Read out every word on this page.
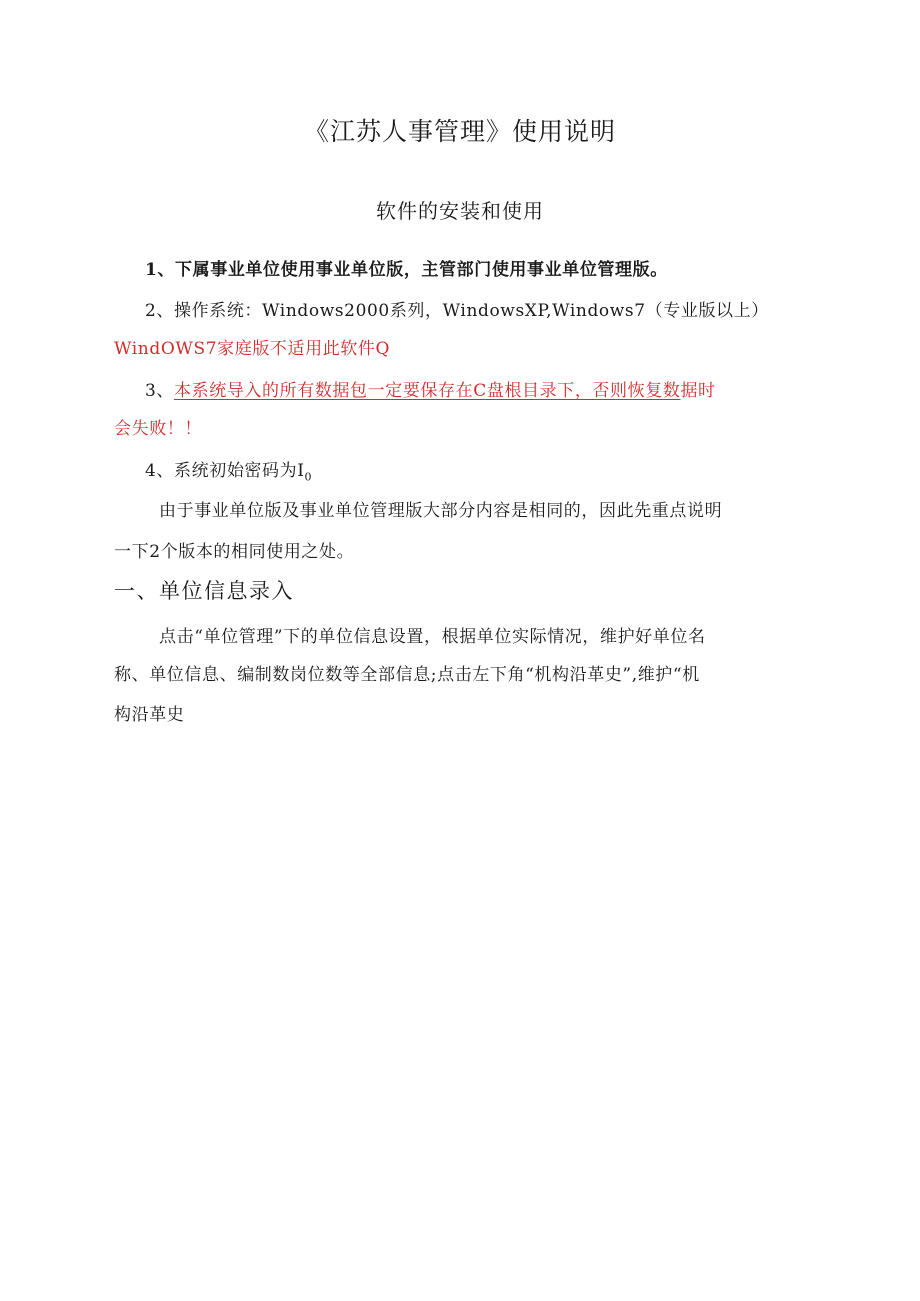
《江苏人事管理》使用说明
软件的安装和使用
1、下属事业单位使用事业单位版，主管部门使用事业单位管理版。
2、操作系统：Windows2000系列，WindowsXP,Windows7（专业版以上）
WindOWS7家庭版不适用此软件Q
3、本系统导入的所有数据包一定要保存在C盘根目录下，否则恢复数据时
会失败！！
4、系统初始密码为$I_0$
由于事业单位版及事业单位管理版大部分内容是相同的，因此先重点说明
一下2个版本的相同使用之处。
一、单位信息录入
点击“单位管理”下的单位信息设置，根据单位实际情况，维护好单位名
称、单位信息、编制数岗位数等全部信息;点击左下角“机构沿革史”,维护“机
构沿革史
